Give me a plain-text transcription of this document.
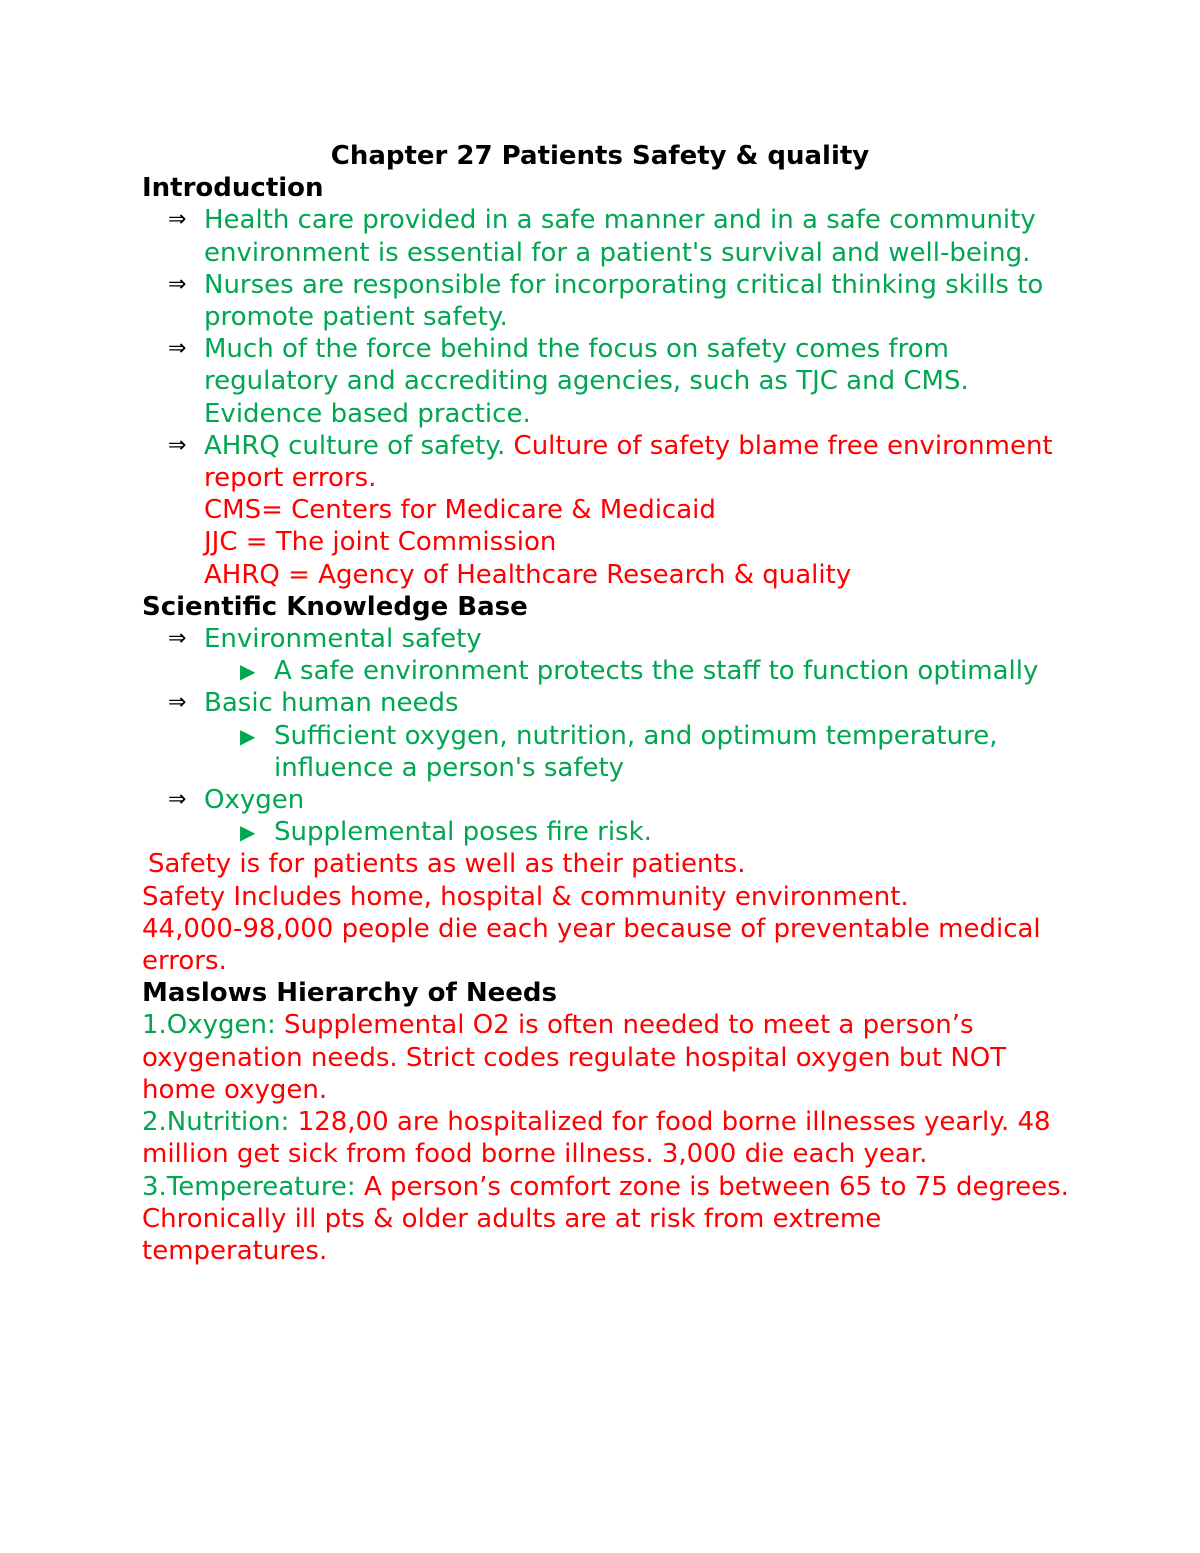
Chapter 27 Patients Safety & quality
Introduction
⇒ Health care provided in a safe manner and in a safe community environment is essential for a patient's survival and well-being.
⇒ Nurses are responsible for incorporating critical thinking skills to promote patient safety.
⇒ Much of the force behind the focus on safety comes from regulatory and accrediting agencies, such as TJC and CMS. Evidence based practice.
⇒ AHRQ culture of safety. Culture of safety blame free environment report errors.
CMS= Centers for Medicare & Medicaid
JJC = The joint Commission
AHRQ = Agency of Healthcare Research & quality
Scientific Knowledge Base
⇒ Environmental safety
▶ A safe environment protects the staff to function optimally
⇒ Basic human needs
▶ Sufficient oxygen, nutrition, and optimum temperature, influence a person's safety
⇒ Oxygen
▶ Supplemental poses fire risk.
Safety is for patients as well as their patients.
Safety Includes home, hospital & community environment.
44,000-98,000 people die each year because of preventable medical errors.
Maslows Hierarchy of Needs
1.Oxygen: Supplemental O2 is often needed to meet a person’s oxygenation needs. Strict codes regulate hospital oxygen but NOT home oxygen.
2.Nutrition: 128,00 are hospitalized for food borne illnesses yearly. 48 million get sick from food borne illness. 3,000 die each year.
3.Tempereature: A person’s comfort zone is between 65 to 75 degrees. Chronically ill pts & older adults are at risk from extreme temperatures.
